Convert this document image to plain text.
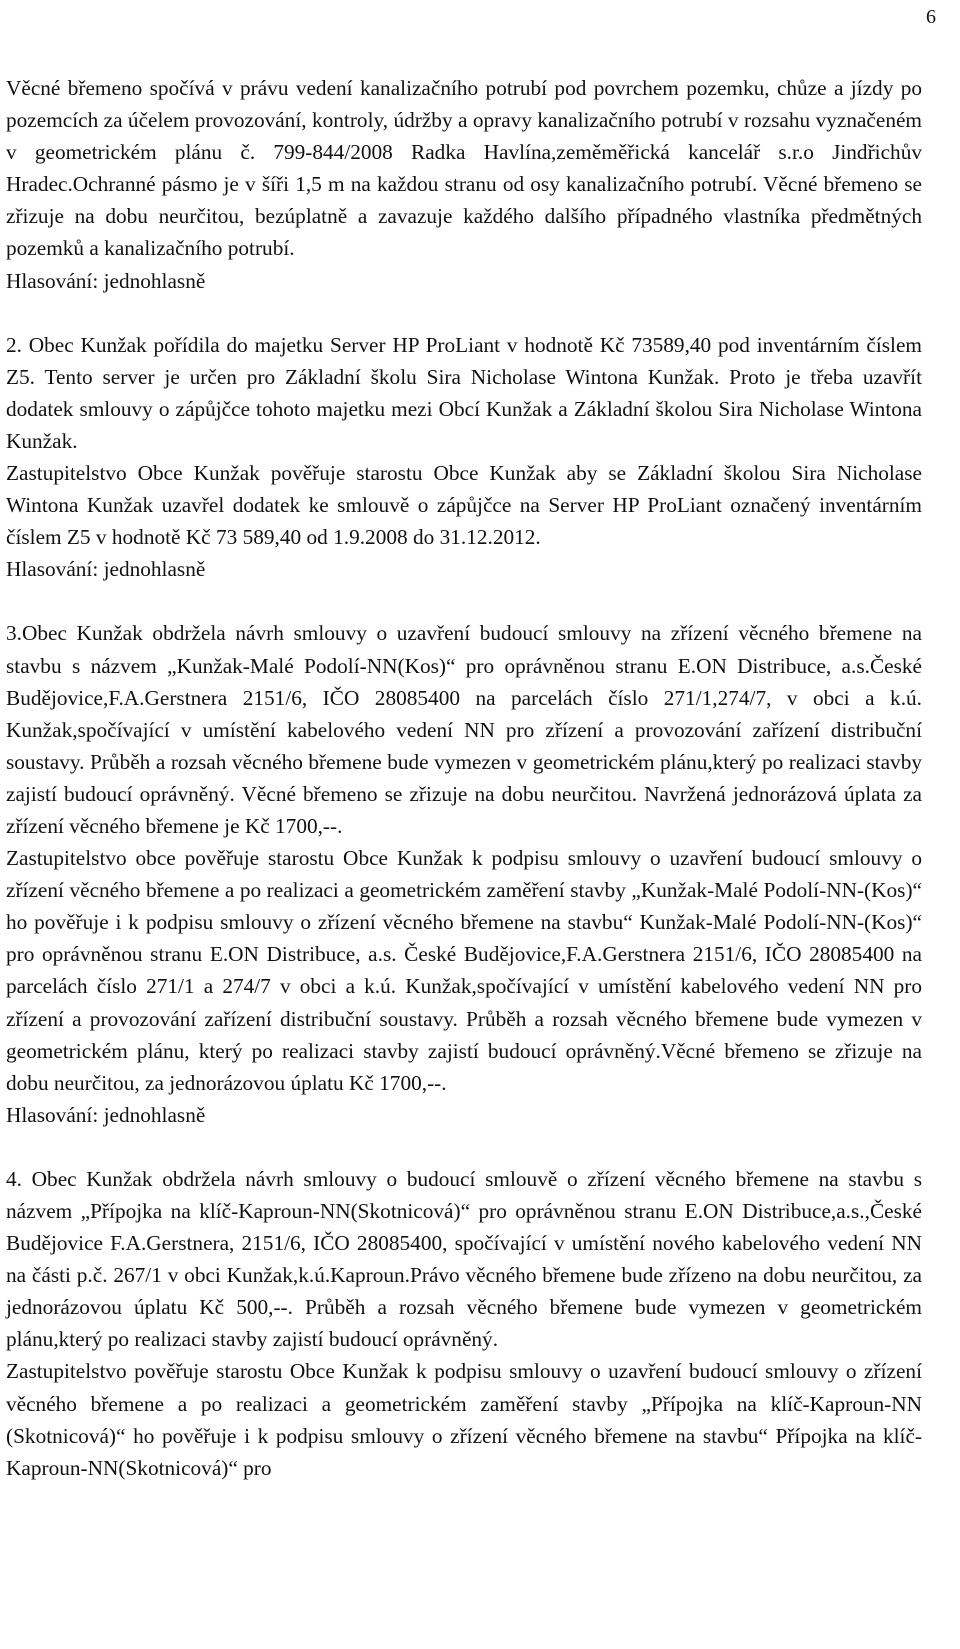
6

Věcné břemeno spočívá v právu vedení kanalizačního potrubí pod povrchem pozemku, chůze a jízdy po pozemcích za účelem provozování, kontroly, údržby a opravy kanalizačního potrubí v rozsahu vyznačeném v geometrickém plánu č. 799-844/2008 Radka Havlína,zeměměřická kancelář s.r.o Jindřichův Hradec.Ochranné pásmo je v šíři 1,5 m na každou stranu od osy kanalizačního potrubí. Věcné břemeno se zřizuje na dobu neurčitou, bezúplatně a zavazuje každého dalšího případného vlastníka předmětných pozemků a kanalizačního potrubí.

Hlasování: jednohlasně

2. Obec Kunžak pořídila do majetku Server HP ProLiant v hodnotě Kč 73589,40 pod inventárním číslem Z5. Tento server je určen pro Základní školu Sira Nicholase Wintona Kunžak. Proto je třeba uzavřít dodatek smlouvy o zápůjčce tohoto majetku mezi Obcí Kunžak a Základní školou Sira Nicholase Wintona Kunžak.

Zastupitelstvo Obce Kunžak pověřuje starostu Obce Kunžak aby se Základní školou Sira Nicholase Wintona Kunžak uzavřel dodatek ke smlouvě o zápůjčce na Server HP ProLiant označený inventárním číslem Z5 v hodnotě Kč 73 589,40 od 1.9.2008 do 31.12.2012.

Hlasování: jednohlasně

3.Obec Kunžak obdržela návrh smlouvy o uzavření budoucí smlouvy na zřízení věcného břemene na stavbu s názvem „Kunžak-Malé Podolí-NN(Kos)“ pro oprávněnou stranu E.ON Distribuce, a.s.České Budějovice,F.A.Gerstnera 2151/6, IČO 28085400 na parcelách číslo 271/1,274/7, v obci a k.ú. Kunžak,spočívající v umístění kabelového vedení NN pro zřízení a provozování zařízení distribuční soustavy. Průběh a rozsah věcného břemene bude vymezen v geometrickém plánu,který po realizaci stavby zajistí budoucí oprávněný. Věcné břemeno se zřizuje na dobu neurčitou. Navržená jednorázová úplata za zřízení věcného břemene je Kč 1700,--.

Zastupitelstvo obce pověřuje starostu Obce Kunžak k podpisu smlouvy o uzavření budoucí smlouvy o zřízení věcného břemene a po realizaci a geometrickém zaměření stavby „Kunžak-Malé Podolí-NN-(Kos)“ ho pověřuje i k podpisu smlouvy o zřízení věcného břemene na stavbu“ Kunžak-Malé Podolí-NN-(Kos)“ pro oprávněnou stranu E.ON Distribuce, a.s. České Budějovice,F.A.Gerstnera 2151/6, IČO 28085400 na parcelách číslo 271/1 a 274/7 v obci a k.ú. Kunžak,spočívající v umístění kabelového vedení NN pro zřízení a provozování zařízení distribuční soustavy. Průběh a rozsah věcného břemene bude vymezen v geometrickém plánu, který po realizaci stavby zajistí budoucí oprávněný.Věcné břemeno se zřizuje na dobu neurčitou, za jednorázovou úplatu Kč 1700,--.

Hlasování: jednohlasně

4. Obec Kunžak obdržela návrh smlouvy o budoucí smlouvě o zřízení věcného břemene na stavbu s názvem „Přípojka na klíč-Kaproun-NN(Skotnicová)“ pro oprávněnou stranu E.ON Distribuce,a.s.,České Budějovice F.A.Gerstnera, 2151/6, IČO 28085400, spočívající v umístění nového kabelového vedení NN na části p.č. 267/1 v obci Kunžak,k.ú.Kaproun.Právo věcného břemene bude zřízeno na dobu neurčitou, za jednorázovou úplatu Kč 500,--. Průběh a rozsah věcného břemene bude vymezen v geometrickém plánu,který po realizaci stavby zajistí budoucí oprávněný.

Zastupitelstvo pověřuje starostu Obce Kunžak k podpisu smlouvy o uzavření budoucí smlouvy o zřízení věcného břemene a po realizaci a geometrickém zaměření stavby „Přípojka na klíč-Kaproun-NN (Skotnicová)“ ho pověřuje i k podpisu smlouvy o zřízení věcného břemene na stavbu“ Přípojka na klíč-Kaproun-NN(Skotnicová)“ pro
